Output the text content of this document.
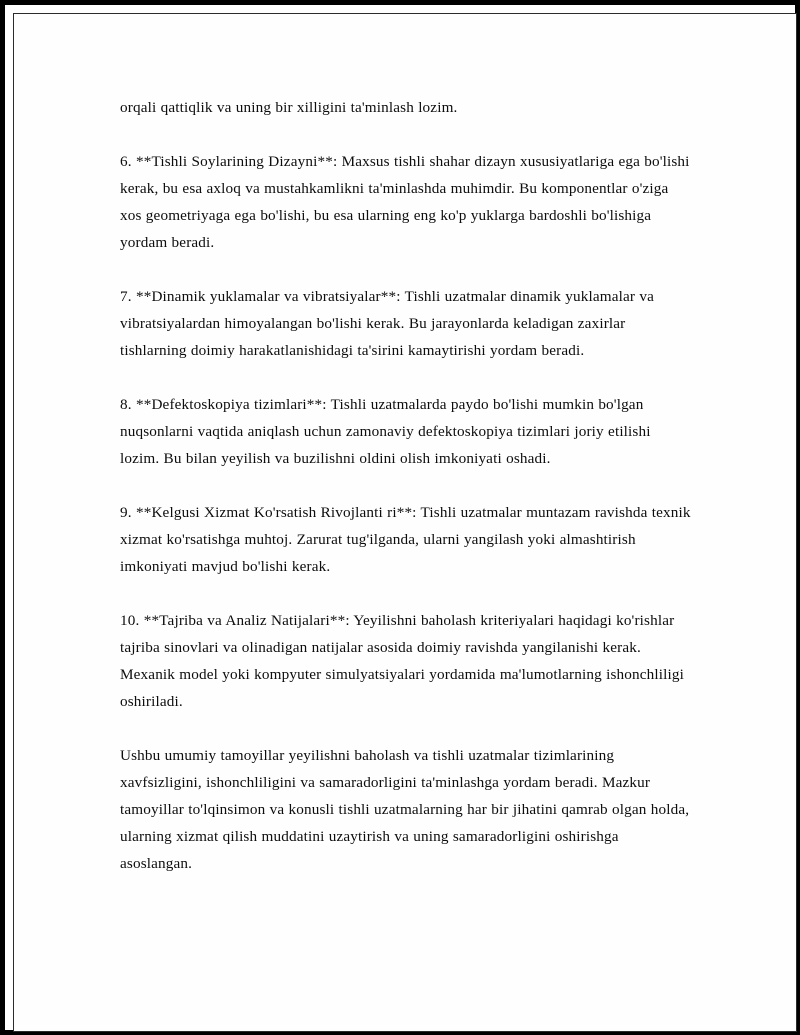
orqali qattiqlik va uning bir xilligini ta'minlash lozim.

6. **Tishli Soylarining Dizayni**: Maxsus tishli shahar dizayn xususiyatlariga ega bo'lishi kerak, bu esa axloq va mustahkamlikni ta'minlashda muhimdir. Bu komponentlar o'ziga xos geometriyaga ega bo'lishi, bu esa ularning eng ko'p yuklarga bardoshli bo'lishiga yordam beradi.

7. **Dinamik yuklamalar va vibratsiyalar**: Tishli uzatmalar dinamik yuklamalar va vibratsiyalardan himoyalangan bo'lishi kerak. Bu jarayonlarda keladigan zaxirlar tishlarning doimiy harakatlanishidagi ta'sirini kamaytirishi yordam beradi.

8. **Defektoskopiya tizimlari**: Tishli uzatmalarda paydo bo'lishi mumkin bo'lgan nuqsonlarni vaqtida aniqlash uchun zamonaviy defektoskopiya tizimlari joriy etilishi lozim. Bu bilan yeyilish va buzilishni oldini olish imkoniyati oshadi.

9. **Kelgusi Xizmat Ko'rsatish Rivojlanti ri**: Tishli uzatmalar muntazam ravishda texnik xizmat ko'rsatishga muhtoj. Zarurat tug'ilganda, ularni yangilash yoki almashtirish imkoniyati mavjud bo'lishi kerak.

10. **Tajriba va Analiz Natijalari**: Yeyilishni baholash kriteriyalari haqidagi ko'rishlar tajriba sinovlari va olinadigan natijalar asosida doimiy ravishda yangilanishi kerak. Mexanik model yoki kompyuter simulyatsiyalari yordamida ma'lumotlarning ishonchliligi oshiriladi.

Ushbu umumiy tamoyillar yeyilishni baholash va tishli uzatmalar tizimlarining xavfsizligini, ishonchliligini va samaradorligini ta'minlashga yordam beradi. Mazkur tamoyillar to'lqinsimon va konusli tishli uzatmalarning har bir jihatini qamrab olgan holda, ularning xizmat qilish muddatini uzaytirish va uning samaradorligini oshirishga asoslangan.
